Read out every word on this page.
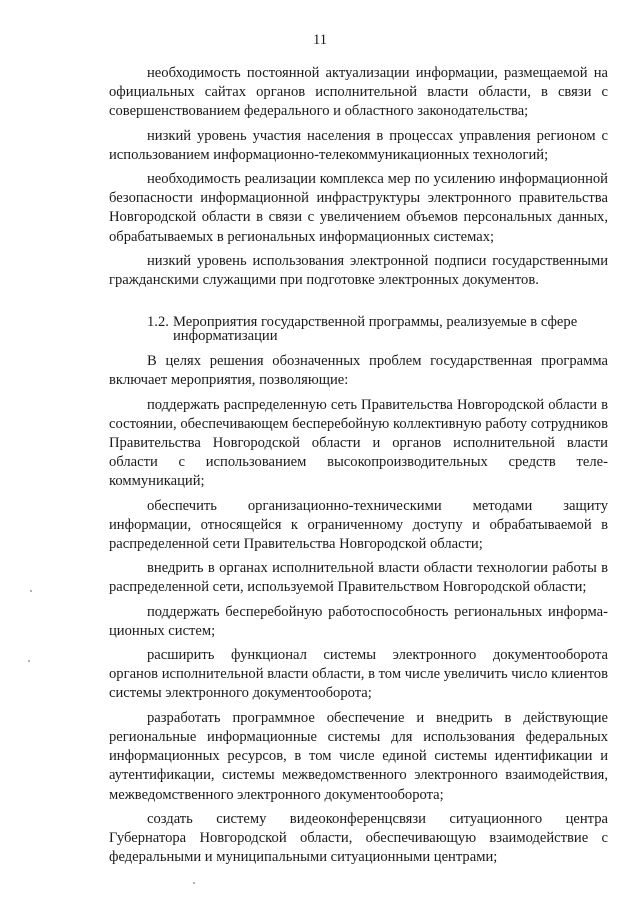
11

необходимость постоянной актуализации информации, размещаемой на официальных сайтах органов исполнительной власти области, в связи с совершенствованием федерального и областного законодательства;

низкий уровень участия населения в процессах управления регионом с использованием информационно-телекоммуникационных технологий;

необходимость реализации комплекса мер по усилению информационной безопасности информационной инфраструктуры электронного правительства Новгородской области в связи с увеличением объемов персональных данных, обрабатываемых в региональных информационных системах;

низкий уровень использования электронной подписи государственными гражданскими служащими при подготовке электронных документов.

1.2. Мероприятия государственной программы, реализуемые в сфере
информатизации

В целях решения обозначенных проблем государственная программа включает мероприятия, позволяющие:

поддержать распределенную сеть Правительства Новгородской области в состоянии, обеспечивающем бесперебойную коллективную работу сотрудников Правительства Новгородской области и органов исполнительной власти области с использованием высокопроизводительных средств телекоммуникаций;

обеспечить организационно-техническими методами защиту информации, относящейся к ограниченному доступу и обрабатываемой в распределенной сети Правительства Новгородской области;

внедрить в органах исполнительной власти области технологии работы в распределенной сети, используемой Правительством Новгородской области;

поддержать бесперебойную работоспособность региональных информационных систем;

расширить функционал системы электронного документооборота органов исполнительной власти области, в том числе увеличить число клиентов системы электронного документооборота;

разработать программное обеспечение и внедрить в действующие региональные информационные системы для использования федеральных информационных ресурсов, в том числе единой системы идентификации и аутентификации, системы межведомственного электронного взаимодействия, межведомственного электронного документооборота;

создать систему видеоконференцсвязи ситуационного центра Губернатора Новгородской области, обеспечивающую взаимодействие с федеральными и муниципальными ситуационными центрами;
